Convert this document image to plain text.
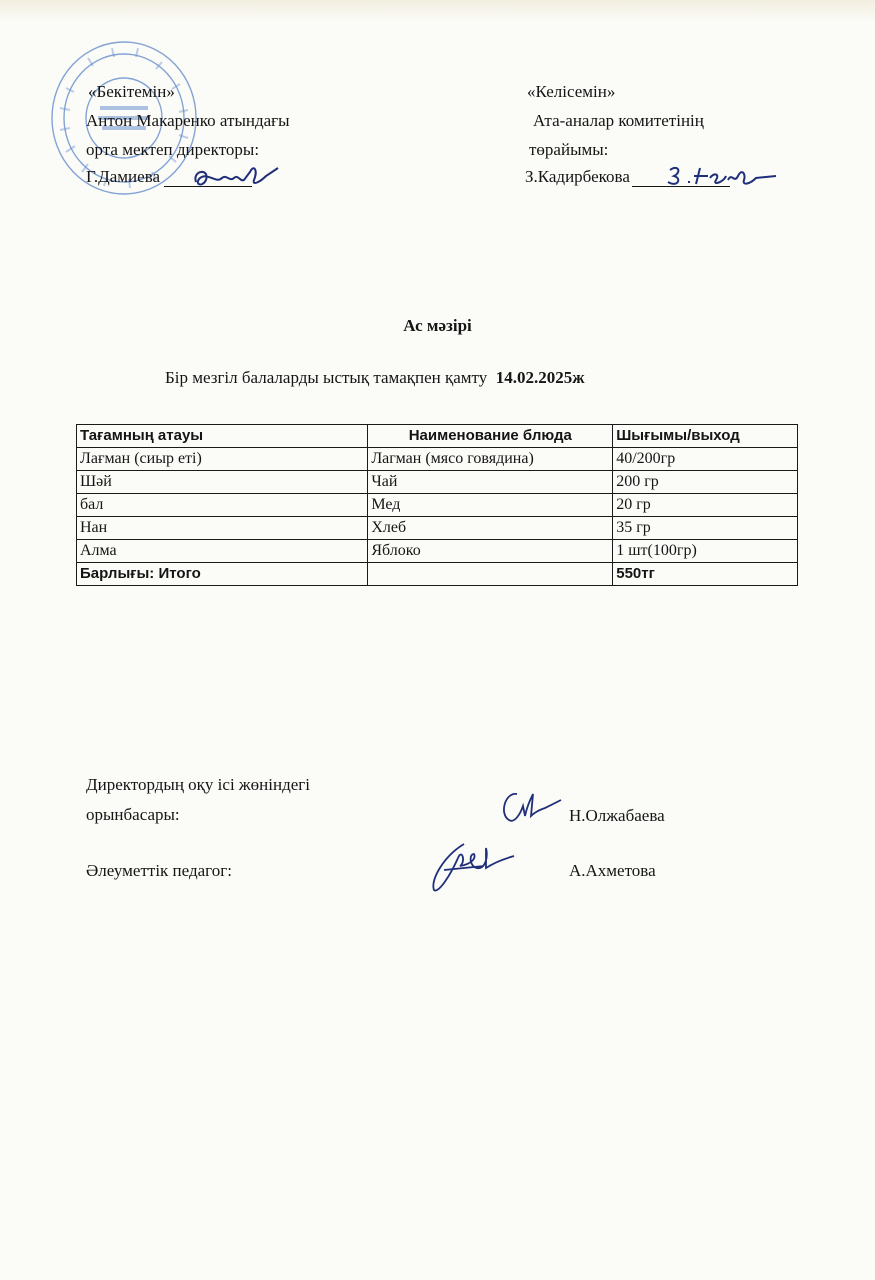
«Бекітемін»
Антон Макаренко атындағы
орта мектеп директоры:
Г.Дамиева
«Келісемін»
Ата-аналар комитетінің
төрайымы:
З.Кадирбекова
Ас мәзірі
Бір мезгіл балаларды ыстық тамақпен қамту 14.02.2025ж
Тағамның атауы	Наименование блюда	Шығымы/выход
Лағман (сиыр еті)	Лагман (мясо говядина)	40/200гр
Шәй	Чай	200 гр
бал	Мед	20 гр
Нан	Хлеб	35 гр
Алма	Яблоко	1 шт(100гр)
Барлығы: Итого		550тг
Директордың оқу ісі жөніндегі
орынбасары:	Н.Олжабаева
Әлеуметтік педагог:	А.Ахметова
